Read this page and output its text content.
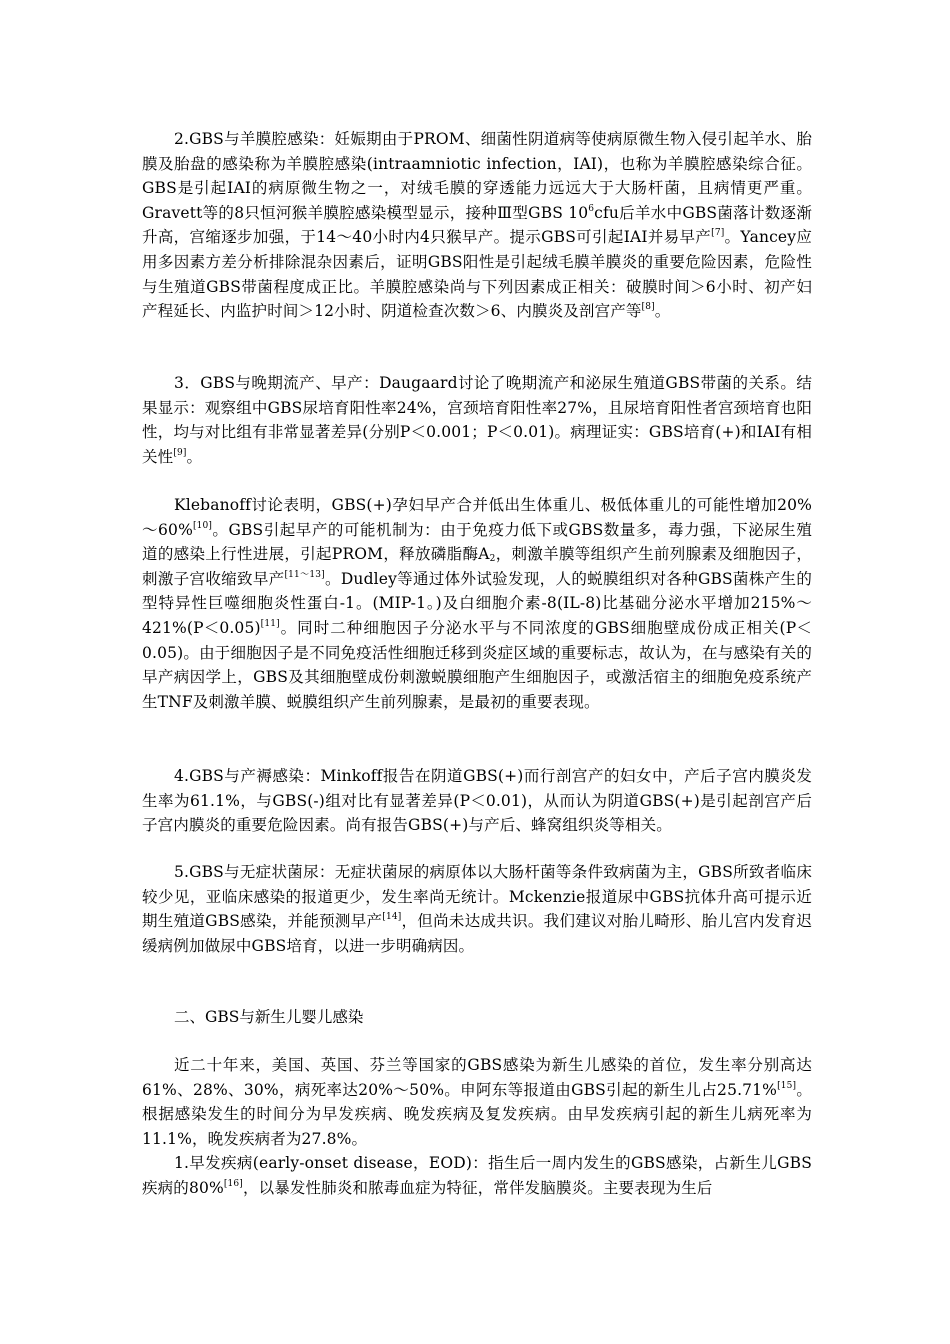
2.GBS与羊膜腔感染：妊娠期由于PROM、细菌性阴道病等使病原微生物入侵引起羊水、胎膜及胎盘的感染称为羊膜腔感染(intraamniotic infection，IAI)，也称为羊膜腔感染综合征。GBS是引起IAI的病原微生物之一，对绒毛膜的穿透能力远远大于大肠杆菌，且病情更严重。Gravett等的8只恒河猴羊膜腔感染模型显示，接种Ⅲ型GBS $10^6cfu$后羊水中GBS菌落计数逐渐升高，宫缩逐步加强，于14～40小时内4只猴早产。提示GBS可引起IAI并易早产[7]。Yancey应用多因素方差分析排除混杂因素后，证明GBS阳性是引起绒毛膜羊膜炎的重要危险因素，危险性与生殖道GBS带菌程度成正比。羊膜腔感染尚与下列因素成正相关：破膜时间＞6小时、初产妇产程延长、内监护时间＞12小时、阴道检查次数＞6、内膜炎及剖宫产等[8]。

3．GBS与晚期流产、早产：Daugaard讨论了晚期流产和泌尿生殖道GBS带菌的关系。结果显示：观察组中GBS尿培育阳性率24%，宫颈培育阳性率27%，且尿培育阳性者宫颈培育也阳性，均与对比组有非常显著差异(分别P＜0.001；P＜0.01)。病理证实：GBS培育(+)和IAI有相关性[9]。

Klebanoff讨论表明，GBS(+)孕妇早产合并低出生体重儿、极低体重儿的可能性增加20%～60%[10]。GBS引起早产的可能机制为：由于免疫力低下或GBS数量多，毒力强，下泌尿生殖道的感染上行性进展，引起PROM，释放磷脂酶$A_2$，刺激羊膜等组织产生前列腺素及细胞因子，刺激子宫收缩致早产[11～13]。Dudley等通过体外试验发现，人的蜕膜组织对各种GBS菌株产生的型特异性巨噬细胞炎性蛋白-1。(MIP-1。)及白细胞介素-8(IL-8)比基础分泌水平增加215%～421%(P＜0.05)[11]。同时二种细胞因子分泌水平与不同浓度的GBS细胞壁成份成正相关(P＜0.05)。由于细胞因子是不同免疫活性细胞迁移到炎症区域的重要标志，故认为，在与感染有关的早产病因学上，GBS及其细胞壁成份刺激蜕膜细胞产生细胞因子，或激活宿主的细胞免疫系统产生TNF及刺激羊膜、蜕膜组织产生前列腺素，是最初的重要表现。

4.GBS与产褥感染：Minkoff报告在阴道GBS(+)而行剖宫产的妇女中，产后子宫内膜炎发生率为61.1%，与GBS(-)组对比有显著差异(P＜0.01)，从而认为阴道GBS(+)是引起剖宫产后子宫内膜炎的重要危险因素。尚有报告GBS(+)与产后、蜂窝组织炎等相关。

5.GBS与无症状菌尿：无症状菌尿的病原体以大肠杆菌等条件致病菌为主，GBS所致者临床较少见，亚临床感染的报道更少，发生率尚无统计。Mckenzie报道尿中GBS抗体升高可提示近期生殖道GBS感染，并能预测早产[14]，但尚未达成共识。我们建议对胎儿畸形、胎儿宫内发育迟缓病例加做尿中GBS培育，以进一步明确病因。

二、GBS与新生儿婴儿感染

近二十年来，美国、英国、芬兰等国家的GBS感染为新生儿感染的首位，发生率分别高达61%、28%、30%，病死率达20%～50%。申阿东等报道由GBS引起的新生儿占25.71%[15]。根据感染发生的时间分为早发疾病、晚发疾病及复发疾病。由早发疾病引起的新生儿病死率为11.1%，晚发疾病者为27.8%。

1.早发疾病(early-onset disease，EOD)：指生后一周内发生的GBS感染，占新生儿GBS疾病的80%[16]，以暴发性肺炎和脓毒血症为特征，常伴发脑膜炎。主要表现为生后
